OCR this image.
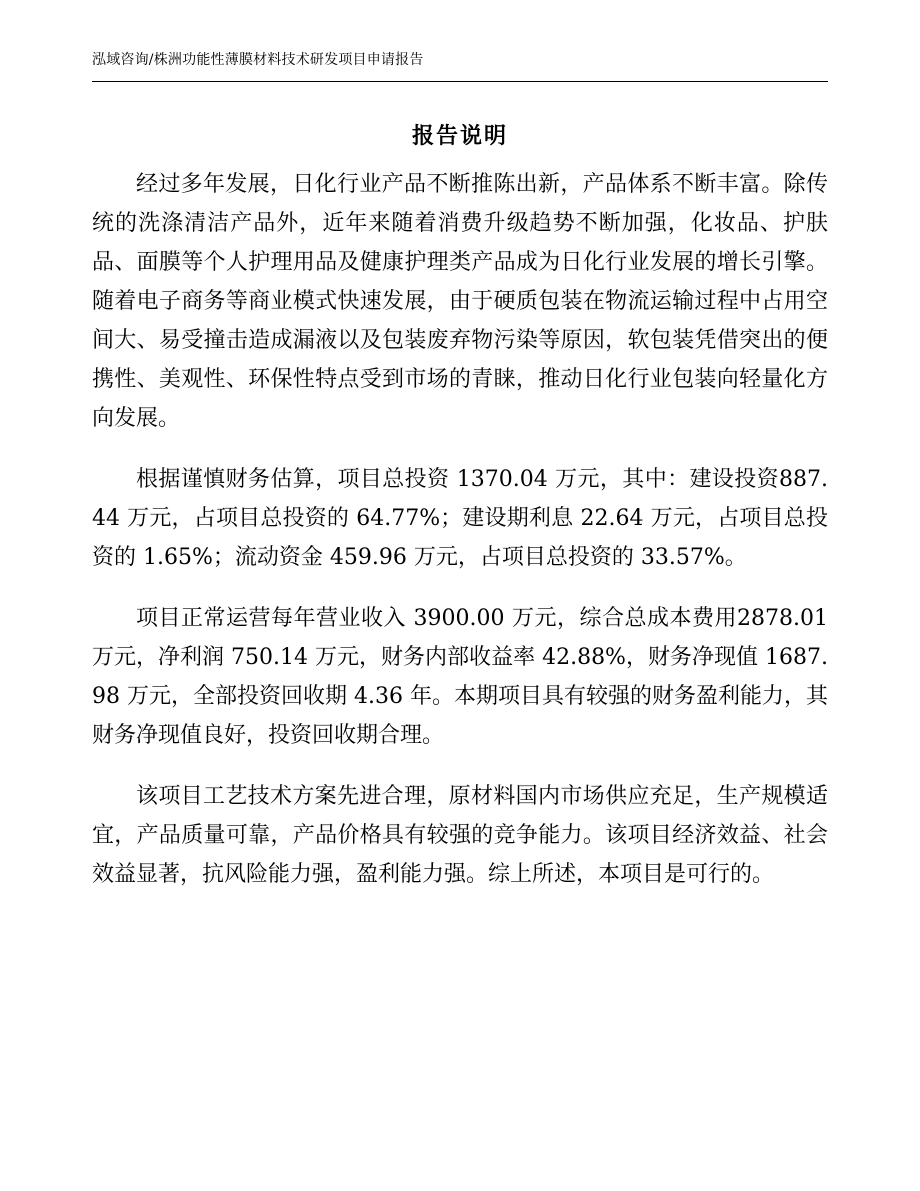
泓域咨询/株洲功能性薄膜材料技术研发项目申请报告
报告说明

经过多年发展，日化行业产品不断推陈出新，产品体系不断丰富。除传统的洗涤清洁产品外，近年来随着消费升级趋势不断加强，化妆品、护肤品、面膜等个人护理用品及健康护理类产品成为日化行业发展的增长引擎。随着电子商务等商业模式快速发展，由于硬质包装在物流运输过程中占用空间大、易受撞击造成漏液以及包装废弃物污染等原因，软包装凭借突出的便携性、美观性、环保性特点受到市场的青睐，推动日化行业包装向轻量化方向发展。

根据谨慎财务估算，项目总投资 1370.04 万元，其中：建设投资887.44 万元，占项目总投资的 64.77%；建设期利息 22.64 万元，占项目总投资的 1.65%；流动资金 459.96 万元，占项目总投资的 33.57%。

项目正常运营每年营业收入 3900.00 万元，综合总成本费用2878.01 万元，净利润 750.14 万元，财务内部收益率 42.88%，财务净现值 1687.98 万元，全部投资回收期 4.36 年。本期项目具有较强的财务盈利能力，其财务净现值良好，投资回收期合理。

该项目工艺技术方案先进合理，原材料国内市场供应充足，生产规模适宜，产品质量可靠，产品价格具有较强的竞争能力。该项目经济效益、社会效益显著，抗风险能力强，盈利能力强。综上所述，本项目是可行的。
